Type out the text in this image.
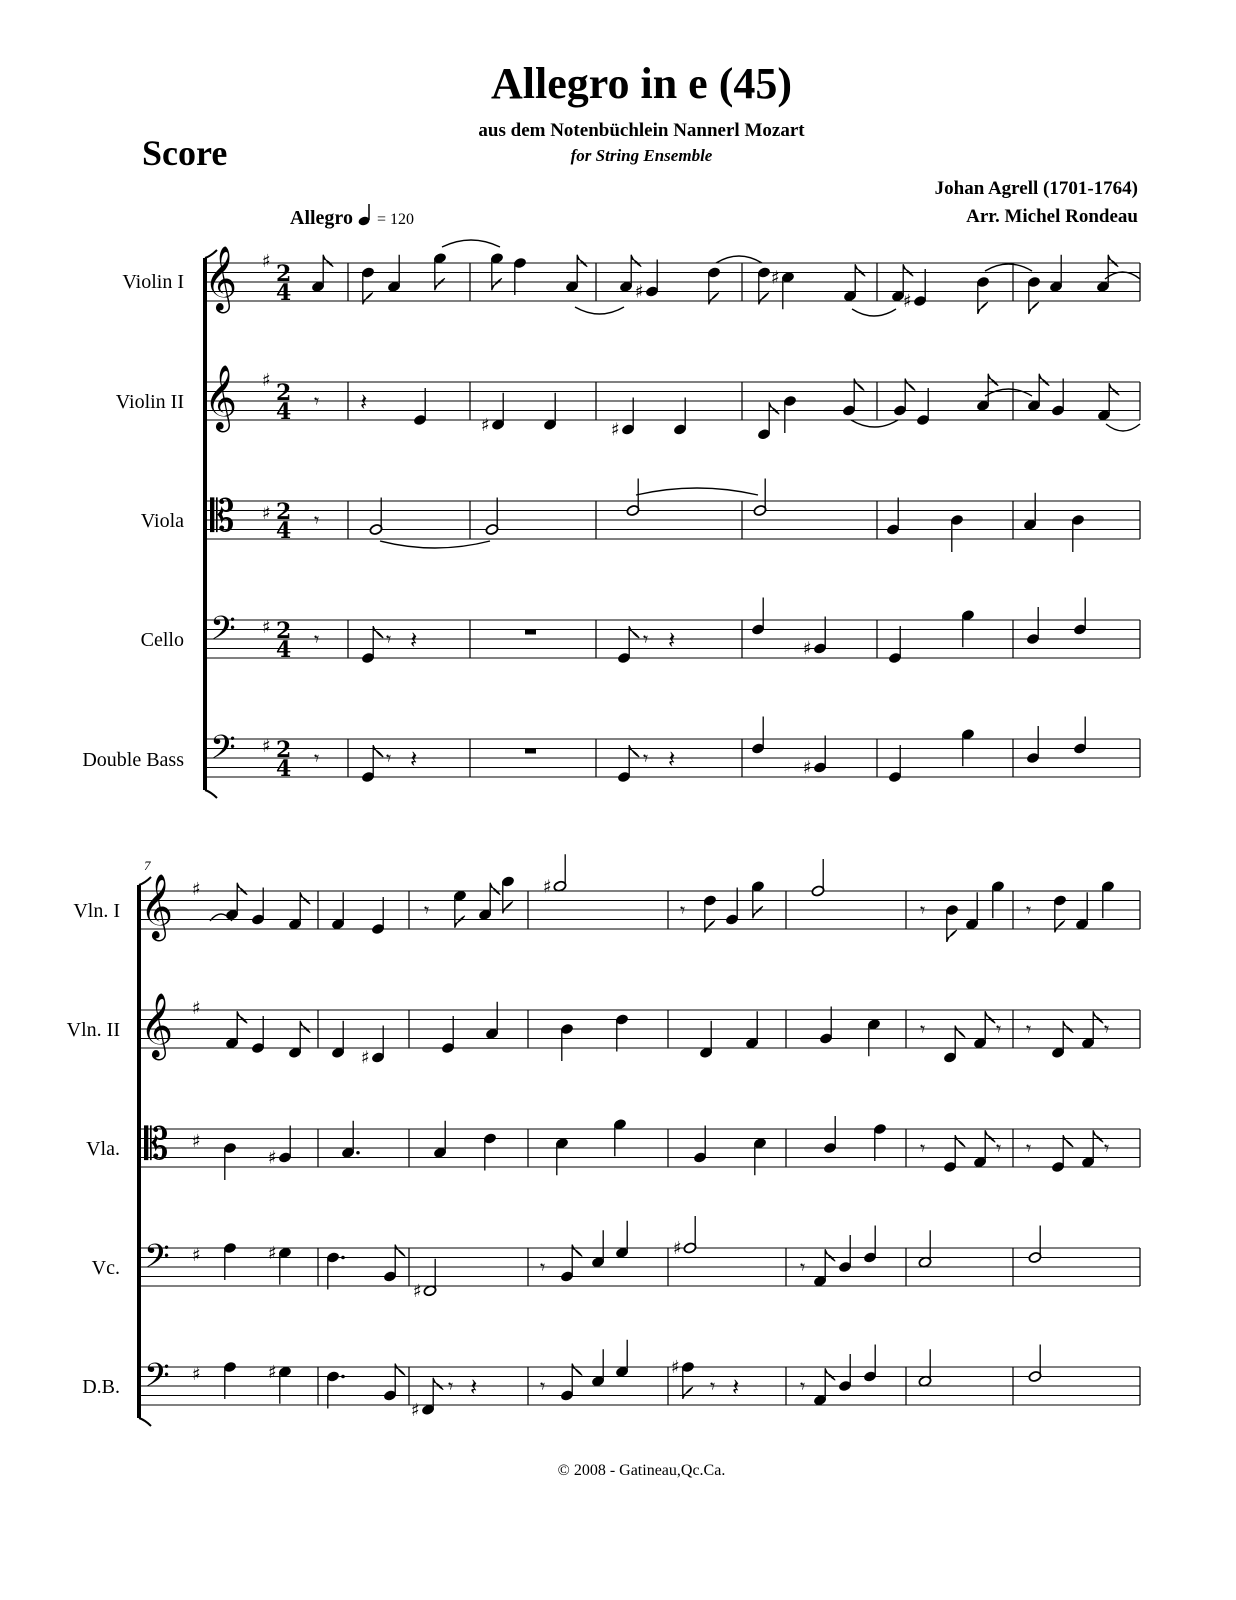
Allegro in e (45)
aus dem Notenbüchlein Nannerl Mozart
for String Ensemble
Score
Johan Agrell (1701-1764)
Arr. Michel Rondeau
Allegro = 120
Violin I
Violin II
Viola
Cello
Double Bass
Vln. I
Vln. II
Vla.
Vc.
D.B.
7
𝄞 ♯ 2
4
𝄞 ♯ 2
4
𝄡 ♯ 2
4
𝄢 ♯ 2
4
𝄢 ♯ 2
4
♯
♯
♯
𝄾 𝄽
♯	♯
𝄾
𝄾	𝄾 𝄽	𝄾 𝄽	♯
𝄾	𝄾 𝄽	𝄾 𝄽	♯
𝄞 ♯
𝄞 ♯
𝄡 ♯
𝄢 ♯
𝄢 ♯
𝄾
♯
𝄾	𝄾	𝄾
♯
𝄾	𝄾 𝄾	𝄾
♯	𝄾	𝄾 𝄾	𝄾
♯
♯
𝄾
♯
𝄾
♯
♯
𝄾 𝄽	𝄾
♯
𝄾 𝄽	𝄾
© 2008 - Gatineau,Qc.Ca.
